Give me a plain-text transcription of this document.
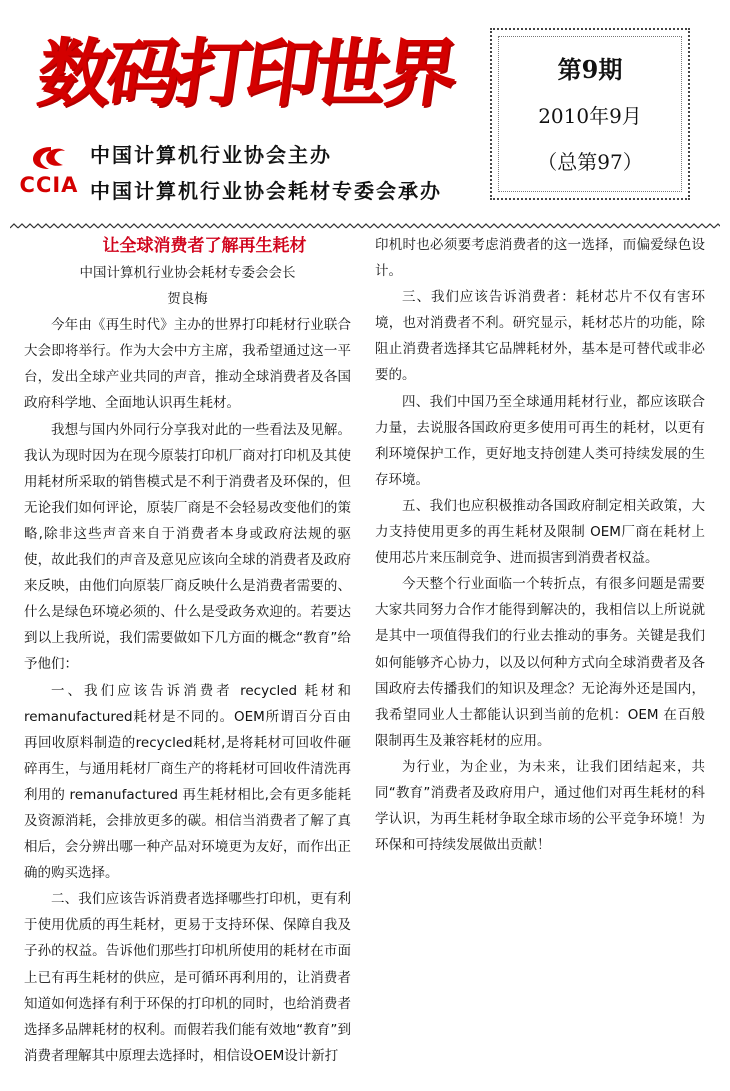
数码打印世界
CCIA
中国计算机行业协会主办
中国计算机行业协会耗材专委会承办
第9期
2010年9月
（总第97）

让全球消费者了解再生耗材

中国计算机行业协会耗材专委会会长

贺良梅

今年由《再生时代》主办的世界打印耗材行业联合大会即将举行。作为大会中方主席，我希望通过这一平台，发出全球产业共同的声音，推动全球消费者及各国政府科学地、全面地认识再生耗材。

我想与国内外同行分享我对此的一些看法及见解。我认为现时因为在现今原装打印机厂商对打印机及其使用耗材所采取的销售模式是不利于消费者及环保的，但无论我们如何评论，原装厂商是不会轻易改变他们的策略,除非这些声音来自于消费者本身或政府法规的驱使，故此我们的声音及意见应该向全球的消费者及政府来反映，由他们向原装厂商反映什么是消费者需要的、什么是绿色环境必须的、什么是受政务欢迎的。若要达到以上我所说，我们需要做如下几方面的概念“教育”给予他们：

一、我们应该告诉消费者 recycled 耗材和 remanufactured耗材是不同的。OEM所谓百分百由再回收原料制造的recycled耗材,是将耗材可回收件砸碎再生，与通用耗材厂商生产的将耗材可回收件清洗再利用的 remanufactured 再生耗材相比,会有更多能耗及资源消耗，会排放更多的碳。相信当消费者了解了真相后，会分辨出哪一种产品对环境更为友好，而作出正确的购买选择。

二、我们应该告诉消费者选择哪些打印机，更有利于使用优质的再生耗材，更易于支持环保、保障自我及子孙的权益。告诉他们那些打印机所使用的耗材在市面上已有再生耗材的供应，是可循环再利用的，让消费者知道如何选择有利于环保的打印机的同时，也给消费者选择多品牌耗材的权利。而假若我们能有效地“教育”到消费者理解其中原理去选择时，相信设OEM设计新打

印机时也必须要考虑消费者的这一选择，而偏爱绿色设计。

三、我们应该告诉消费者：耗材芯片不仅有害环境，也对消费者不利。研究显示，耗材芯片的功能，除阻止消费者选择其它品牌耗材外，基本是可替代或非必要的。

四、我们中国乃至全球通用耗材行业，都应该联合力量，去说服各国政府更多使用可再生的耗材，以更有利环境保护工作，更好地支持创建人类可持续发展的生存环境。

五、我们也应积极推动各国政府制定相关政策，大力支持使用更多的再生耗材及限制 OEM厂商在耗材上使用芯片来压制竞争、进而损害到消费者权益。

今天整个行业面临一个转折点，有很多问题是需要大家共同努力合作才能得到解决的，我相信以上所说就是其中一项值得我们的行业去推动的事务。关键是我们如何能够齐心协力，以及以何种方式向全球消费者及各国政府去传播我们的知识及理念？无论海外还是国内，我希望同业人士都能认识到当前的危机：OEM 在百般限制再生及兼容耗材的应用。

为行业，为企业，为未来，让我们团结起来，共同“教育”消费者及政府用户，通过他们对再生耗材的科学认识，为再生耗材争取全球市场的公平竞争环境！为环保和可持续发展做出贡献！
